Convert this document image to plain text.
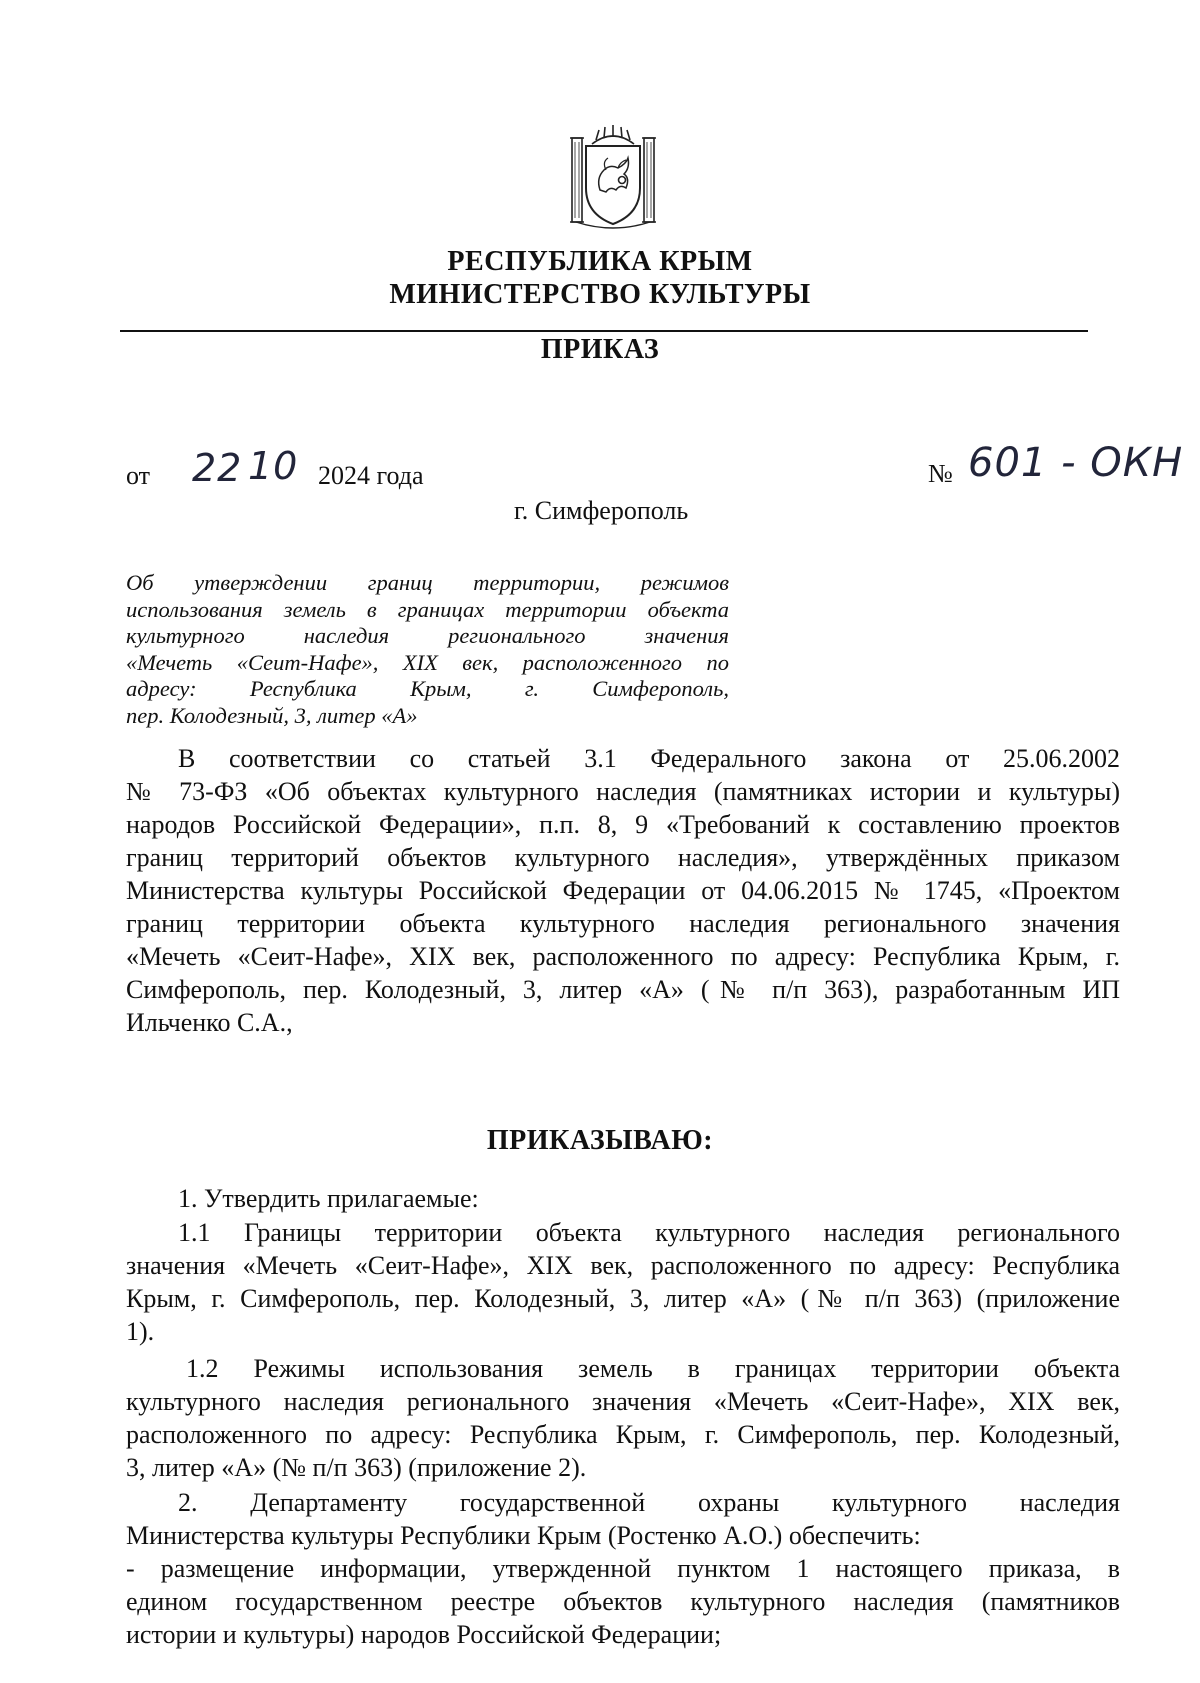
РЕСПУБЛИКА КРЫМ
МИНИСТЕРСТВО КУЛЬТУРЫ
ПРИКАЗ
от 22 10 2024 года	№ 601 - ОКН
г. Симферополь
Об утверждении границ территории, режимов
использования земель в границах территории объекта
культурного наследия регионального значения
«Мечеть «Сеит-Нафе», XIX век, расположенного по
адресу: Республика Крым, г. Симферополь,
пер. Колодезный, 3, литер «А»
В соответствии со статьей 3.1 Федерального закона от 25.06.2002
№ 73-ФЗ «Об объектах культурного наследия (памятниках истории и культуры)
народов Российской Федерации», п.п. 8, 9 «Требований к составлению проектов
границ территорий объектов культурного наследия», утверждённых приказом
Министерства культуры Российской Федерации от 04.06.2015 № 1745, «Проектом
границ территории объекта культурного наследия регионального значения
«Мечеть «Сеит-Нафе», XIX век, расположенного по адресу: Республика Крым, г.
Симферополь, пер. Колодезный, 3, литер «А» (№ п/п 363), разработанным ИП
Ильченко С.А.,
ПРИКАЗЫВАЮ:
1. Утвердить прилагаемые:
1.1 Границы территории объекта культурного наследия регионального
значения «Мечеть «Сеит-Нафе», XIX век, расположенного по адресу: Республика
Крым, г. Симферополь, пер. Колодезный, 3, литер «А» (№ п/п 363) (приложение
1).
1.2 Режимы использования земель в границах территории объекта
культурного наследия регионального значения «Мечеть «Сеит-Нафе», XIX век,
расположенного по адресу: Республика Крым, г. Симферополь, пер. Колодезный,
3, литер «А» (№ п/п 363) (приложение 2).
2. Департаменту государственной охраны культурного наследия
Министерства культуры Республики Крым (Ростенко А.О.) обеспечить:
- размещение информации, утвержденной пунктом 1 настоящего приказа, в
едином государственном реестре объектов культурного наследия (памятников
истории и культуры) народов Российской Федерации;
